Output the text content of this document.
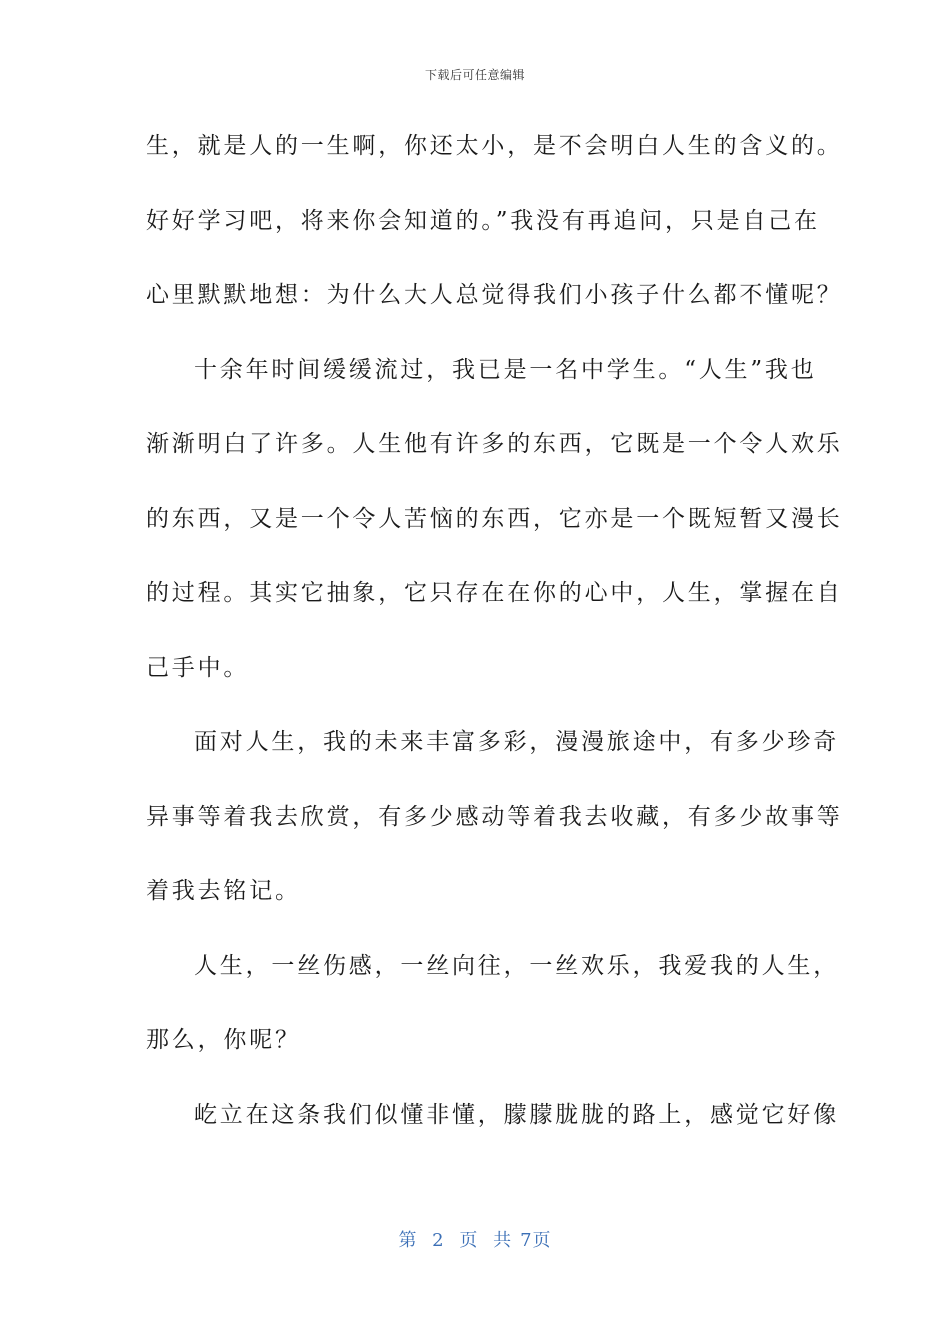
下载后可任意编辑
生，就是人的一生啊，你还太小，是不会明白人生的含义的。
好好学习吧，将来你会知道的。”我没有再追问，只是自己在
心里默默地想：为什么大人总觉得我们小孩子什么都不懂呢？
十余年时间缓缓流过，我已是一名中学生。“人生”我也
渐渐明白了许多。人生他有许多的东西，它既是一个令人欢乐
的东西，又是一个令人苦恼的东西，它亦是一个既短暂又漫长
的过程。其实它抽象，它只存在在你的心中，人生，掌握在自
己手中。
面对人生，我的未来丰富多彩，漫漫旅途中，有多少珍奇
异事等着我去欣赏，有多少感动等着我去收藏，有多少故事等
着我去铭记。
人生，一丝伤感，一丝向往，一丝欢乐，我爱我的人生，
那么，你呢？
屹立在这条我们似懂非懂，朦朦胧胧的路上，感觉它好像
第 2 页 共 7页
